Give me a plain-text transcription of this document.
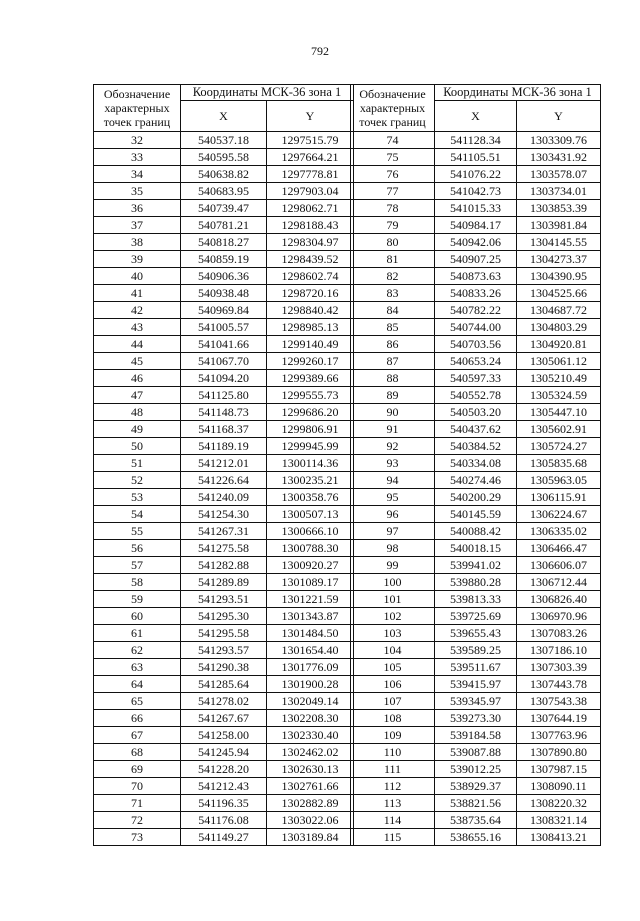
792
Обозначение характерных точек границ	Координаты МСК-36 зона 1	
	X	Y
32	540537.18	1297515.79
33	540595.58	1297664.21
34	540638.82	1297778.81
35	540683.95	1297903.04
36	540739.47	1298062.71
37	540781.21	1298188.43
38	540818.27	1298304.97
39	540859.19	1298439.52
40	540906.36	1298602.74
41	540938.48	1298720.16
42	540969.84	1298840.42
43	541005.57	1298985.13
44	541041.66	1299140.49
45	541067.70	1299260.17
46	541094.20	1299389.66
47	541125.80	1299555.73
48	541148.73	1299686.20
49	541168.37	1299806.91
50	541189.19	1299945.99
51	541212.01	1300114.36
52	541226.64	1300235.21
53	541240.09	1300358.76
54	541254.30	1300507.13
55	541267.31	1300666.10
56	541275.58	1300788.30
57	541282.88	1300920.27
58	541289.89	1301089.17
59	541293.51	1301221.59
60	541295.30	1301343.87
61	541295.58	1301484.50
62	541293.57	1301654.40
63	541290.38	1301776.09
64	541285.64	1301900.28
65	541278.02	1302049.14
66	541267.67	1302208.30
67	541258.00	1302330.40
68	541245.94	1302462.02
69	541228.20	1302630.13
70	541212.43	1302761.66
71	541196.35	1302882.89
72	541176.08	1303022.06
73	541149.27	1303189.84
Обозначение характерных точек границ	Координаты МСК-36 зона 1	
	X	Y
74	541128.34	1303309.76
75	541105.51	1303431.92
76	541076.22	1303578.07
77	541042.73	1303734.01
78	541015.33	1303853.39
79	540984.17	1303981.84
80	540942.06	1304145.55
81	540907.25	1304273.37
82	540873.63	1304390.95
83	540833.26	1304525.66
84	540782.22	1304687.72
85	540744.00	1304803.29
86	540703.56	1304920.81
87	540653.24	1305061.12
88	540597.33	1305210.49
89	540552.78	1305324.59
90	540503.20	1305447.10
91	540437.62	1305602.91
92	540384.52	1305724.27
93	540334.08	1305835.68
94	540274.46	1305963.05
95	540200.29	1306115.91
96	540145.59	1306224.67
97	540088.42	1306335.02
98	540018.15	1306466.47
99	539941.02	1306606.07
100	539880.28	1306712.44
101	539813.33	1306826.40
102	539725.69	1306970.96
103	539655.43	1307083.26
104	539589.25	1307186.10
105	539511.67	1307303.39
106	539415.97	1307443.78
107	539345.97	1307543.38
108	539273.30	1307644.19
109	539184.58	1307763.96
110	539087.88	1307890.80
111	539012.25	1307987.15
112	538929.37	1308090.11
113	538821.56	1308220.32
114	538735.64	1308321.14
115	538655.16	1308413.21
